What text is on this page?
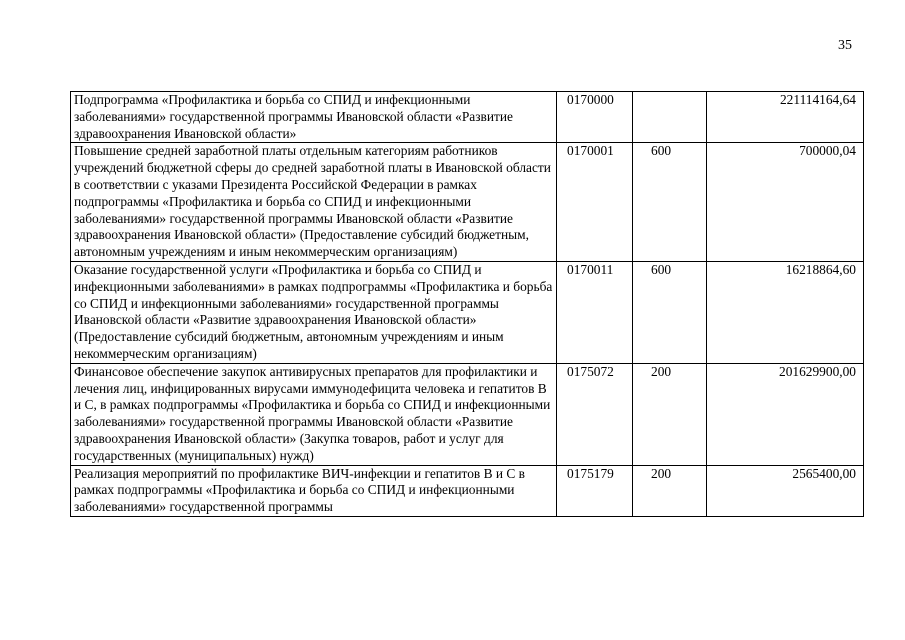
35
Подпрограмма «Профилактика и борьба со СПИД и инфекционными заболеваниями» государственной программы Ивановской области «Развитие здравоохранения Ивановской области»	0170000		221114164,64
Повышение средней заработной платы отдельным категориям работников учреждений бюджетной сферы до средней заработной платы в Ивановской области в соответствии с указами Президента Российской Федерации в рамках подпрограммы «Профилактика и борьба со СПИД и инфекционными заболеваниями» государственной программы Ивановской области «Развитие здравоохранения Ивановской области» (Предоставление субсидий бюджетным, автономным учреждениям и иным некоммерческим организациям)	0170001	600	700000,04
Оказание государственной услуги «Профилактика и борьба со СПИД и инфекционными заболеваниями» в рамках подпрограммы «Профилактика и борьба со СПИД и инфекционными заболеваниями» государственной программы Ивановской области «Развитие здравоохранения Ивановской области» (Предоставление субсидий бюджетным, автономным учреждениям и иным некоммерческим организациям)	0170011	600	16218864,60
Финансовое обеспечение закупок антивирусных препаратов для профилактики и лечения лиц, инфицированных вирусами иммунодефицита человека и гепатитов B и C, в рамках подпрограммы «Профилактика и борьба со СПИД и инфекционными заболеваниями» государственной программы Ивановской области «Развитие здравоохранения Ивановской области» (Закупка товаров, работ и услуг для государственных (муниципальных) нужд)	0175072	200	201629900,00
Реализация мероприятий по профилактике ВИЧ-инфекции и гепатитов B и C в рамках подпрограммы «Профилактика и борьба со СПИД и инфекционными заболеваниями» государственной программы	0175179	200	2565400,00
